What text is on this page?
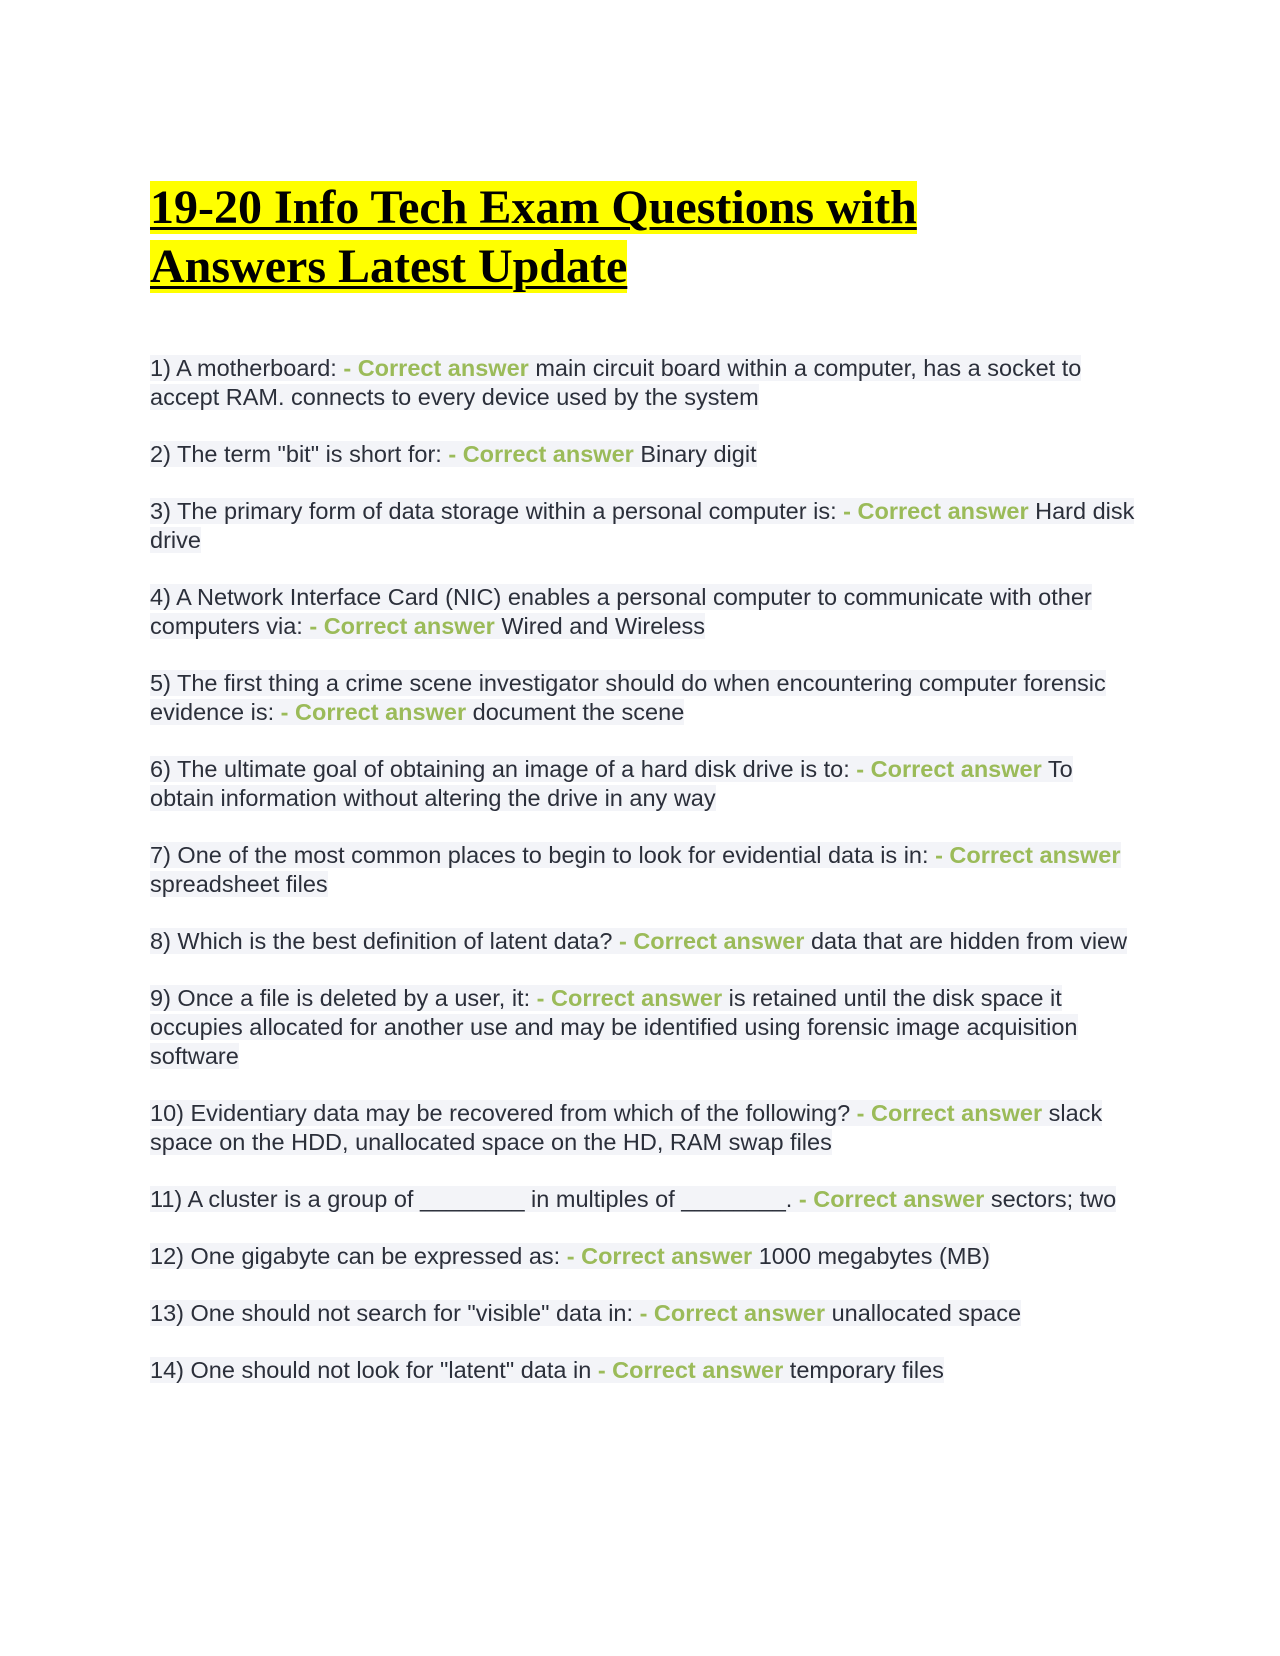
19-20 Info Tech Exam Questions with
Answers Latest Update

1) A motherboard: - Correct answer main circuit board within a computer, has a socket to accept RAM. connects to every device used by the system

2) The term "bit" is short for: - Correct answer Binary digit

3) The primary form of data storage within a personal computer is: - Correct answer Hard disk drive

4) A Network Interface Card (NIC) enables a personal computer to communicate with other computers via: - Correct answer Wired and Wireless

5) The first thing a crime scene investigator should do when encountering computer forensic evidence is: - Correct answer document the scene

6) The ultimate goal of obtaining an image of a hard disk drive is to: - Correct answer To obtain information without altering the drive in any way

7) One of the most common places to begin to look for evidential data is in: - Correct answer spreadsheet files

8) Which is the best definition of latent data? - Correct answer data that are hidden from view

9) Once a file is deleted by a user, it: - Correct answer is retained until the disk space it occupies allocated for another use and may be identified using forensic image acquisition software

10) Evidentiary data may be recovered from which of the following? - Correct answer slack space on the HDD, unallocated space on the HD, RAM swap files

11) A cluster is a group of ________ in multiples of ________. - Correct answer sectors; two

12) One gigabyte can be expressed as: - Correct answer 1000 megabytes (MB)

13) One should not search for "visible" data in: - Correct answer unallocated space

14) One should not look for "latent" data in - Correct answer temporary files
